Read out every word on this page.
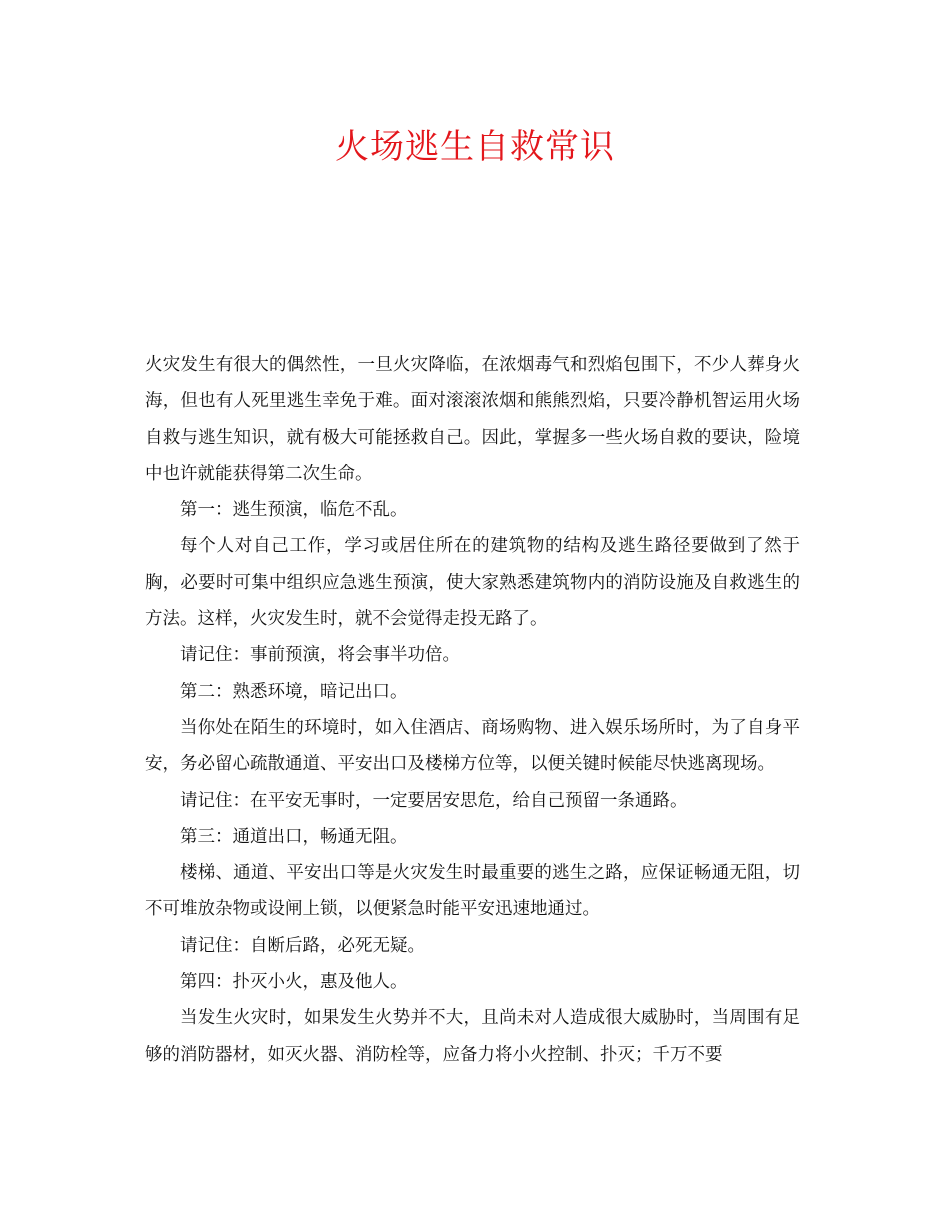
火场逃生自救常识

火灾发生有很大的偶然性，一旦火灾降临，在浓烟毒气和烈焰包围下，不少人葬身火海，但也有人死里逃生幸免于难。面对滚滚浓烟和熊熊烈焰，只要冷静机智运用火场自救与逃生知识，就有极大可能拯救自己。因此，掌握多一些火场自救的要诀，险境中也许就能获得第二次生命。

第一：逃生预演，临危不乱。

每个人对自己工作，学习或居住所在的建筑物的结构及逃生路径要做到了然于胸，必要时可集中组织应急逃生预演，使大家熟悉建筑物内的消防设施及自救逃生的方法。这样，火灾发生时，就不会觉得走投无路了。

请记住：事前预演，将会事半功倍。

第二：熟悉环境，暗记出口。

当你处在陌生的环境时，如入住酒店、商场购物、进入娱乐场所时，为了自身平安，务必留心疏散通道、平安出口及楼梯方位等，以便关键时候能尽快逃离现场。

请记住：在平安无事时，一定要居安思危，给自己预留一条通路。

第三：通道出口，畅通无阻。

楼梯、通道、平安出口等是火灾发生时最重要的逃生之路，应保证畅通无阻，切不可堆放杂物或设闸上锁，以便紧急时能平安迅速地通过。

请记住：自断后路，必死无疑。

第四：扑灭小火，惠及他人。

当发生火灾时，如果发生火势并不大，且尚未对人造成很大威胁时，当周围有足够的消防器材，如灭火器、消防栓等，应备力将小火控制、扑灭；千万不要
